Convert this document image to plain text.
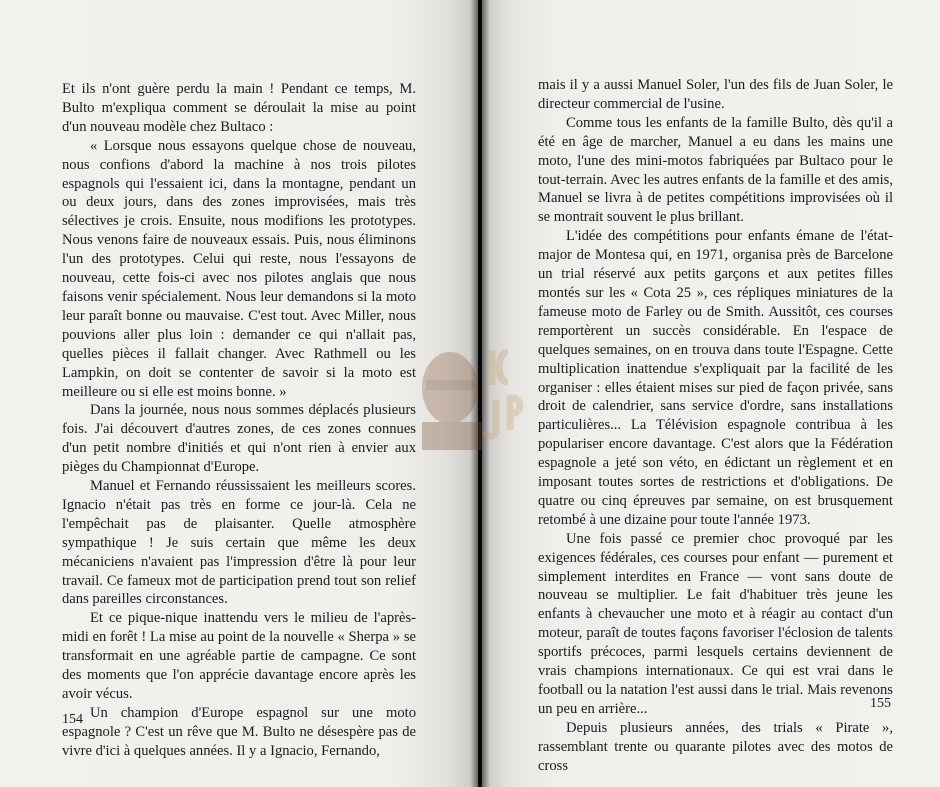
Et ils n'ont guère perdu la main ! Pendant ce temps, M. Bulto m'expliqua comment se déroulait la mise au point d'un nouveau modèle chez Bultaco :

« Lorsque nous essayons quelque chose de nouveau, nous confions d'abord la machine à nos trois pilotes espagnols qui l'essaient ici, dans la montagne, pendant un ou deux jours, dans des zones improvisées, mais très sélectives je crois. Ensuite, nous modifions les prototypes. Nous venons faire de nouveaux essais. Puis, nous éliminons l'un des prototypes. Celui qui reste, nous l'essayons de nouveau, cette fois-ci avec nos pilotes anglais que nous faisons venir spécialement. Nous leur demandons si la moto leur paraît bonne ou mauvaise. C'est tout. Avec Miller, nous pouvions aller plus loin : demander ce qui n'allait pas, quelles pièces il fallait changer. Avec Rathmell ou les Lampkin, on doit se contenter de savoir si la moto est meilleure ou si elle est moins bonne. »

Dans la journée, nous nous sommes déplacés plusieurs fois. J'ai découvert d'autres zones, de ces zones connues d'un petit nombre d'initiés et qui n'ont rien à envier aux pièges du Championnat d'Europe.

Manuel et Fernando réussissaient les meilleurs scores. Ignacio n'était pas très en forme ce jour-là. Cela ne l'empêchait pas de plaisanter. Quelle atmosphère sympathique ! Je suis certain que même les deux mécaniciens n'avaient pas l'impression d'être là pour leur travail. Ce fameux mot de participation prend tout son relief dans pareilles circonstances.

Et ce pique-nique inattendu vers le milieu de l'après-midi en forêt ! La mise au point de la nouvelle « Sherpa » se transformait en une agréable partie de campagne. Ce sont des moments que l'on apprécie davantage encore après les avoir vécus.

Un champion d'Europe espagnol sur une moto espagnole ? C'est un rêve que M. Bulto ne désespère pas de vivre d'ici à quelques années. Il y a Ignacio, Fernando,

154

mais il y a aussi Manuel Soler, l'un des fils de Juan Soler, le directeur commercial de l'usine.

Comme tous les enfants de la famille Bulto, dès qu'il a été en âge de marcher, Manuel a eu dans les mains une moto, l'une des mini-motos fabriquées par Bultaco pour le tout-terrain. Avec les autres enfants de la famille et des amis, Manuel se livra à de petites compétitions improvisées où il se montrait souvent le plus brillant.

L'idée des compétitions pour enfants émane de l'état-major de Montesa qui, en 1971, organisa près de Barcelone un trial réservé aux petits garçons et aux petites filles montés sur les « Cota 25 », ces répliques miniatures de la fameuse moto de Farley ou de Smith. Aussitôt, ces courses remportèrent un succès considérable. En l'espace de quelques semaines, on en trouva dans toute l'Espagne. Cette multiplication inattendue s'expliquait par la facilité de les organiser : elles étaient mises sur pied de façon privée, sans droit de calendrier, sans service d'ordre, sans installations particulières... La Télévision espagnole contribua à les populariser encore davantage. C'est alors que la Fédération espagnole a jeté son véto, en édictant un règlement et en imposant toutes sortes de restrictions et d'obligations. De quatre ou cinq épreuves par semaine, on est brusquement retombé à une dizaine pour toute l'année 1973.

Une fois passé ce premier choc provoqué par les exigences fédérales, ces courses pour enfant — purement et simplement interdites en France — vont sans doute de nouveau se multiplier. Le fait d'habituer très jeune les enfants à chevaucher une moto et à réagir au contact d'un moteur, paraît de toutes façons favoriser l'éclosion de talents sportifs précoces, parmi lesquels certains deviennent de vrais champions internationaux. Ce qui est vrai dans le football ou la natation l'est aussi dans le trial. Mais revenons un peu en arrière...

Depuis plusieurs années, des trials « Pirate », rassemblant trente ou quarante pilotes avec des motos de cross

155
